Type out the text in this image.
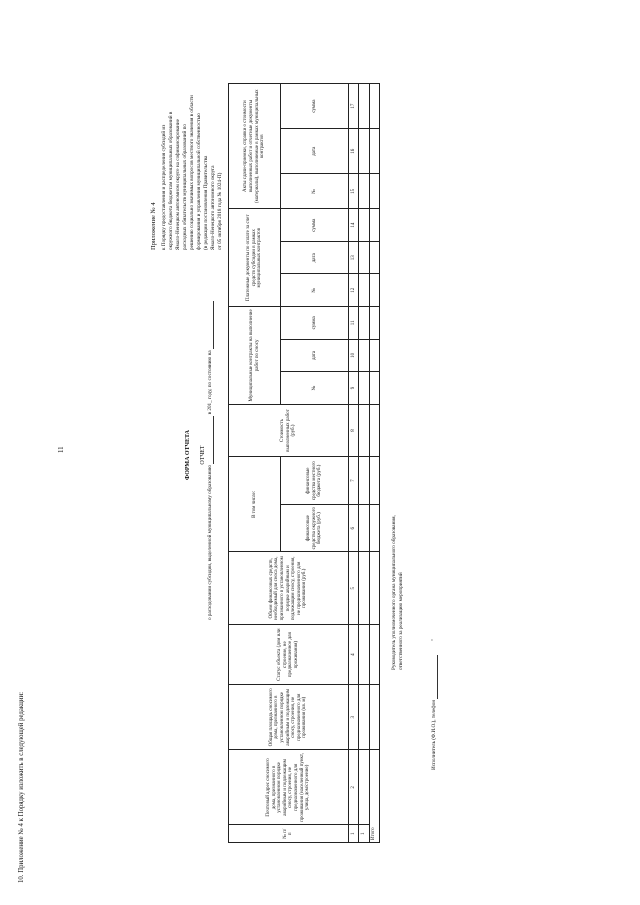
10. Приложение № 4 к Порядку изложить в следующей редакции:
11
Приложение № 4 к Порядку предоставления и распределения субсидий из окружного бюджета бюджетам муниципальных образований в Ямало-Ненецком автономном округе на софинансирование расходных обязательств муниципальных образований по решению социально значимых вопросов местного значения в области формирования и управления муниципальной собственностью (в редакции постановления Правительства Ямало-Ненецкого автономного округа от 05 октября 2018 года № 1024-П)
ФОРМА ОТЧЕТА ОТЧЕТ
о расходовании субсидии, выделенной муниципальному образованию  в 201_ году, по состоянию на
№ п/п	Почтовый адрес сносимого дома, признанного в установленном порядке аварийным и подлежащим сносу, строения, не предназначенного для проживания (населенный пункт, улица, дом/строение)	Общая площадь сносимого дома, признанного в установленном порядке аварийным и подлежащим сносу, строения, не предназначенного для проживания (кв. м)	Статус объекта (дом или строение, не предназначенное для проживания)	Объем финансовых средств, необходимый для сноса дома, признанного в установленном порядке аварийным и подлежащим сносу, строения, не предназначенного для проживания (руб.)	В том числе:		Стоимость выполненных работ (руб.)	Муниципальные контракты на выполнение работ по сносу			Платежные документы по оплате за счет средств субсидии в рамках муниципальных контрактов			Акты сдачи-приемки, справки о стоимости выполненных работ и отчетные документы (материалы), выполняемые в рамках муниципальных контрактов		
					финансовые средства окружного бюджета (руб.)	финансовые средства местного бюджета (руб.)		№	дата	сумма	№	дата	сумма	№	дата	сумма
1	2	3	4	5	6	7	8	9	10	11	12	13	14	15	16	17
1																
Итого																
Руководитель уполномоченного органа муниципального образования, ответственного за реализацию мероприятий
Исполнитель (Ф.И.О.), телефон  "
